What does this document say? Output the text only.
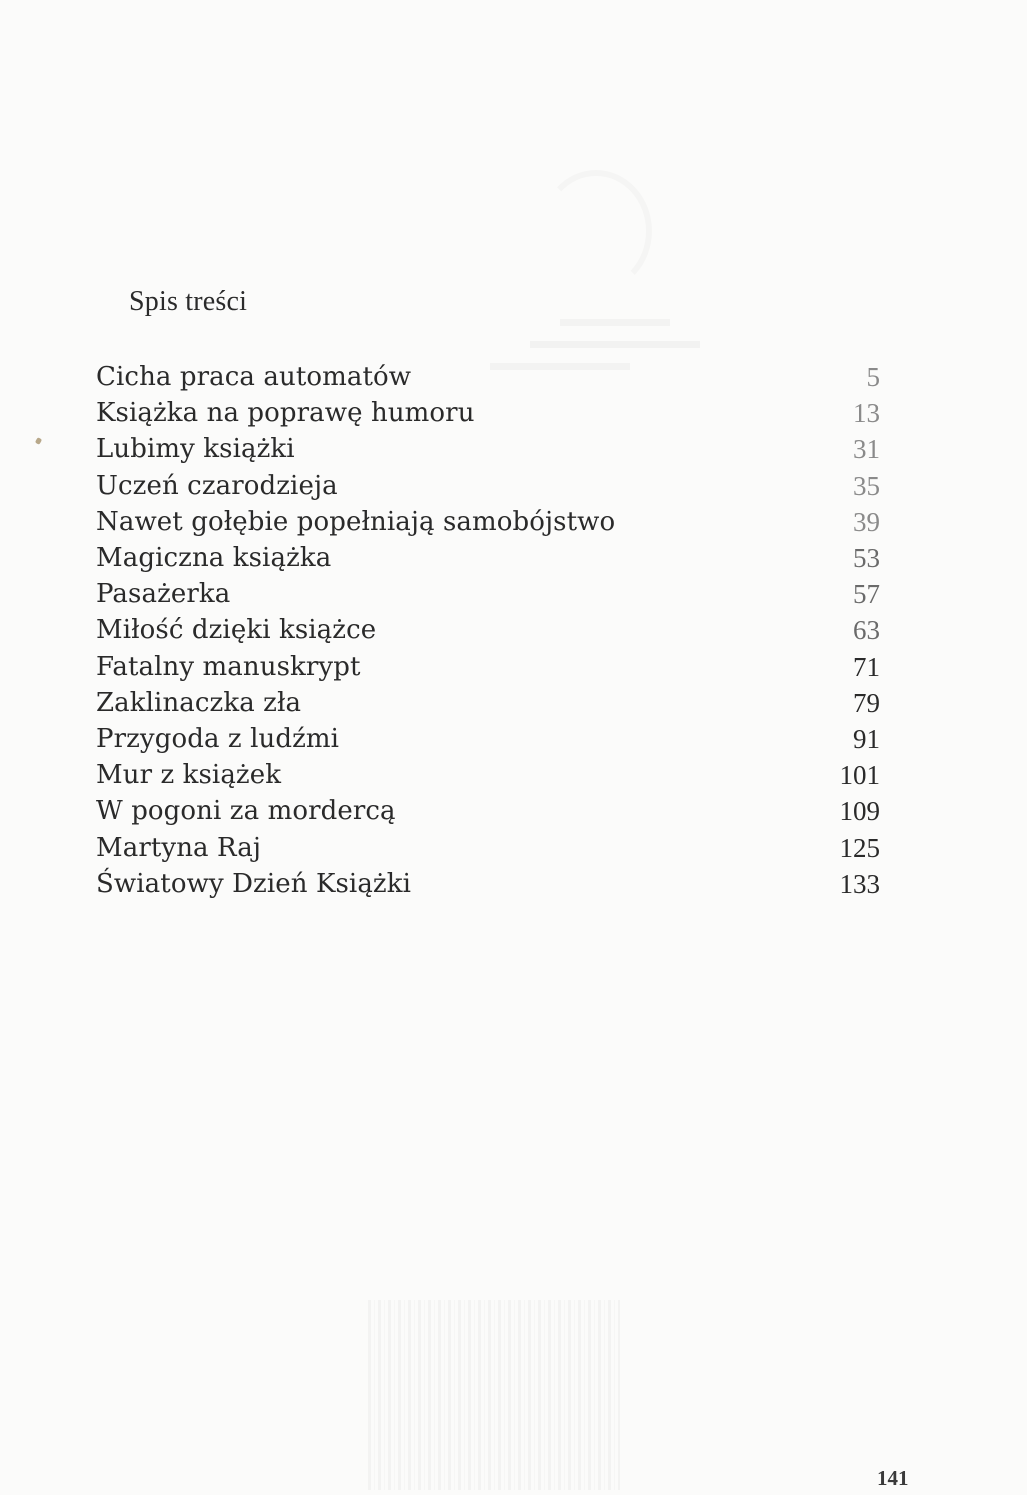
Spis treści
Cicha praca automatów	5
Książka na poprawę humoru	13
Lubimy książki	31
Uczeń czarodzieja	35
Nawet gołębie popełniają samobójstwo	39
Magiczna książka	53
Pasażerka	57
Miłość dzięki książce	63
Fatalny manuskrypt	71
Zaklinaczka zła	79
Przygoda z ludźmi	91
Mur z książek	101
W pogoni za mordercą	109
Martyna Raj	125
Światowy Dzień Książki	133
141
